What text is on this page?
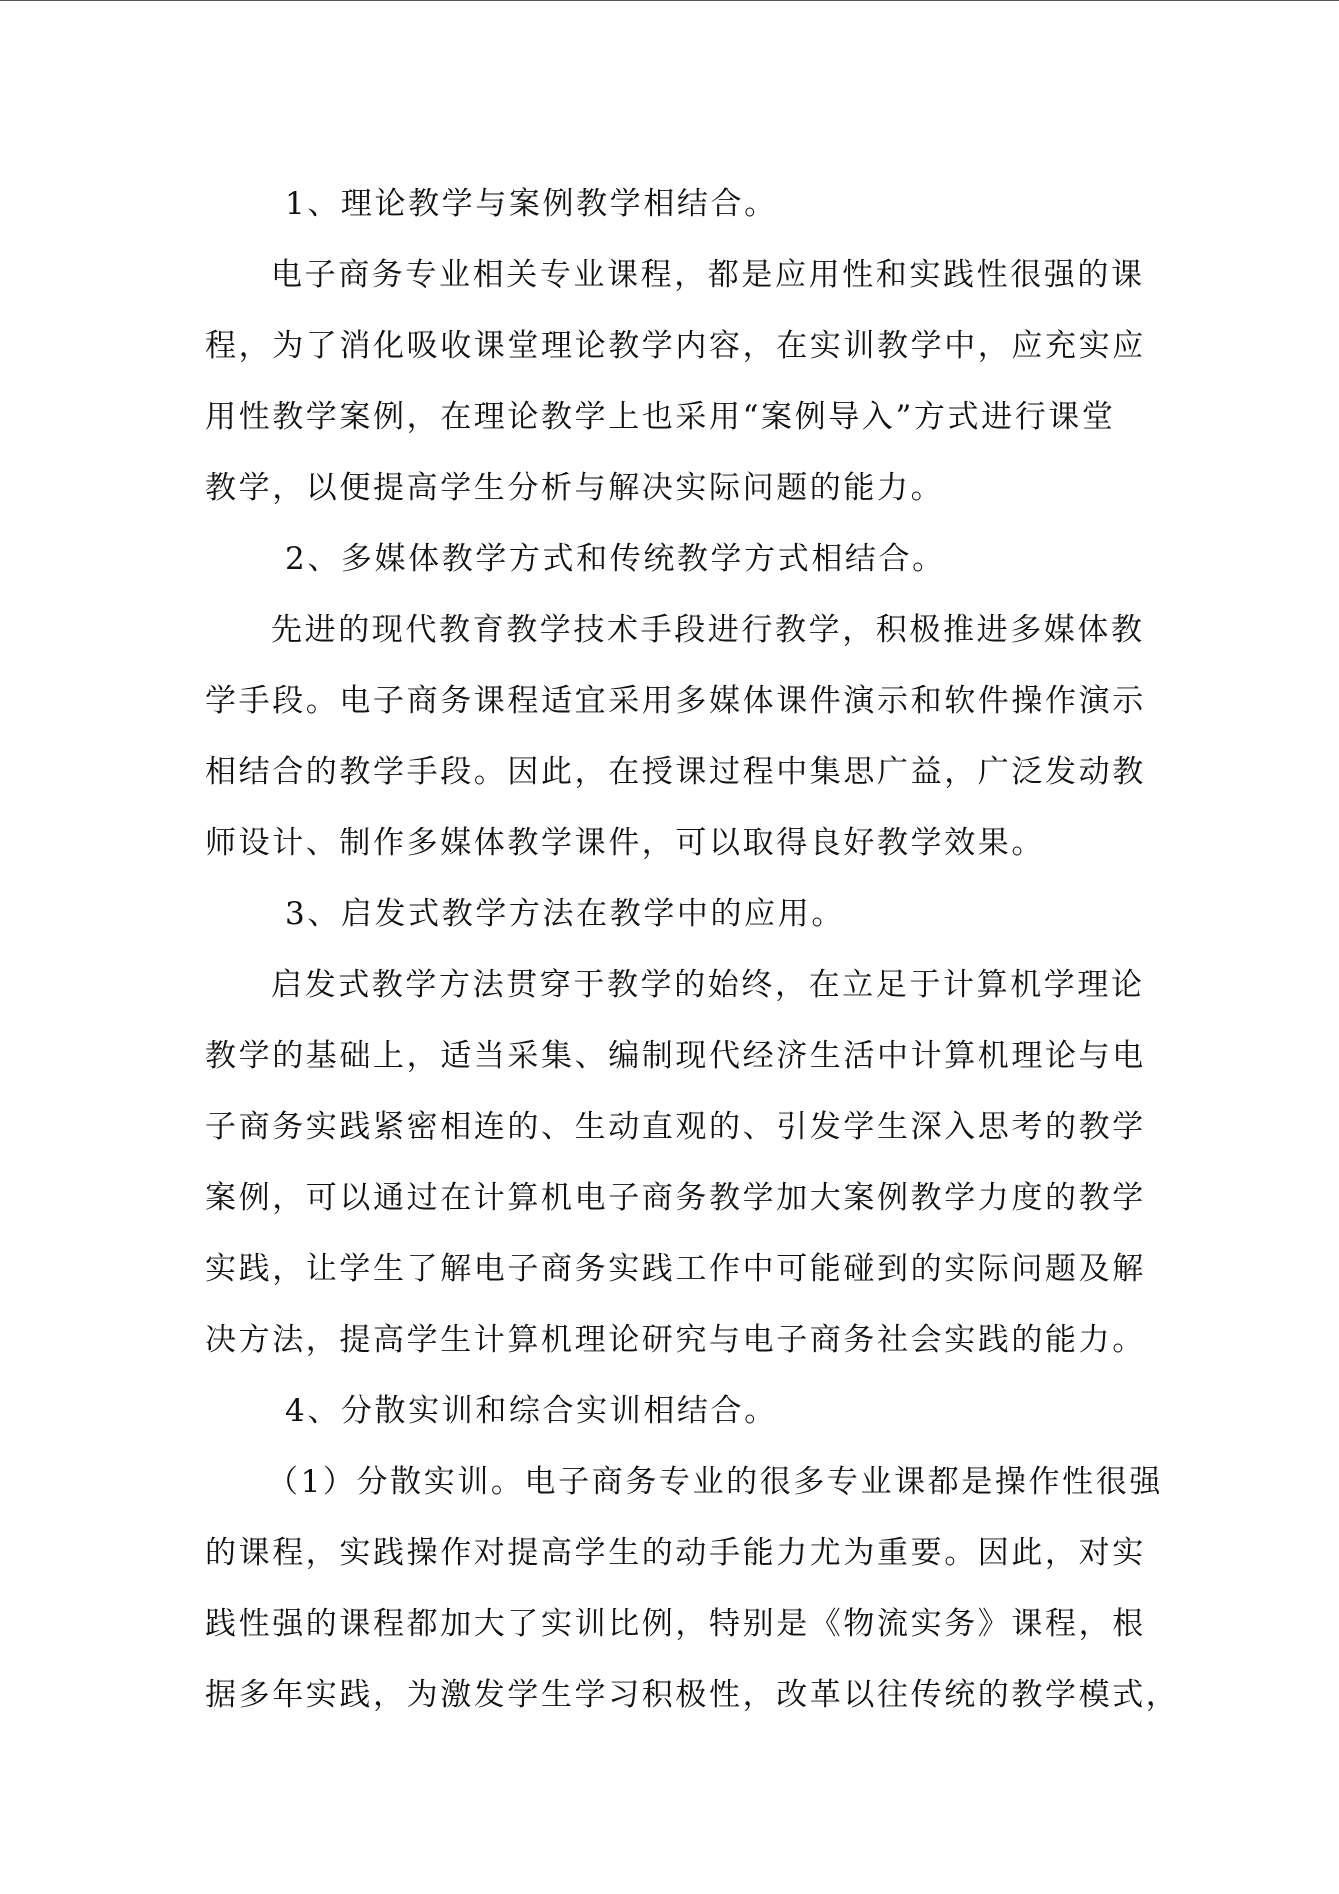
1、理论教学与案例教学相结合。
电子商务专业相关专业课程，都是应用性和实践性很强的课
程，为了消化吸收课堂理论教学内容，在实训教学中，应充实应
用性教学案例，在理论教学上也采用“案例导入”方式进行课堂
教学，以便提高学生分析与解决实际问题的能力。
2、多媒体教学方式和传统教学方式相结合。
先进的现代教育教学技术手段进行教学，积极推进多媒体教
学手段。电子商务课程适宜采用多媒体课件演示和软件操作演示
相结合的教学手段。因此，在授课过程中集思广益，广泛发动教
师设计、制作多媒体教学课件，可以取得良好教学效果。
3、启发式教学方法在教学中的应用。
启发式教学方法贯穿于教学的始终，在立足于计算机学理论
教学的基础上，适当采集、编制现代经济生活中计算机理论与电
子商务实践紧密相连的、生动直观的、引发学生深入思考的教学
案例，可以通过在计算机电子商务教学加大案例教学力度的教学
实践，让学生了解电子商务实践工作中可能碰到的实际问题及解
决方法，提高学生计算机理论研究与电子商务社会实践的能力。
4、分散实训和综合实训相结合。
（1）分散实训。电子商务专业的很多专业课都是操作性很强
的课程，实践操作对提高学生的动手能力尤为重要。因此，对实
践性强的课程都加大了实训比例，特别是《物流实务》课程，根
据多年实践，为激发学生学习积极性，改革以往传统的教学模式，
